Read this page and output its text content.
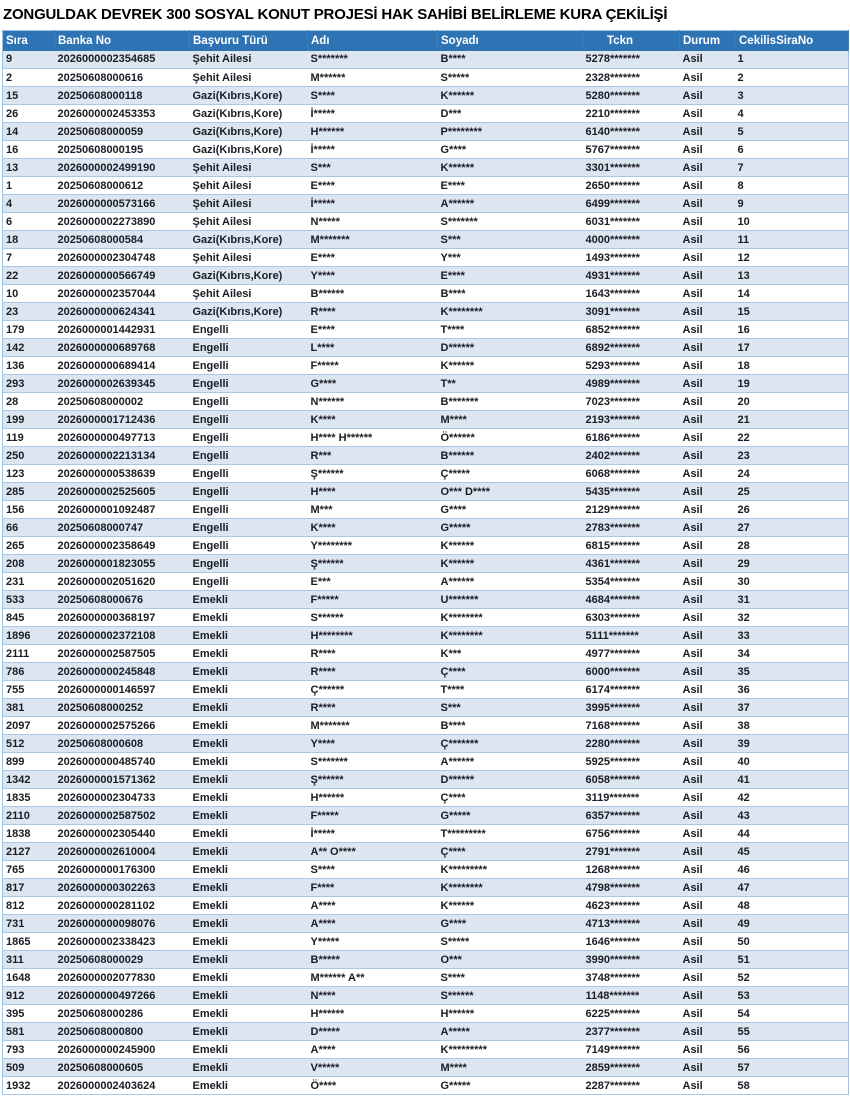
ZONGULDAK DEVREK 300 SOSYAL KONUT PROJESİ HAK SAHİBİ BELİRLEME KURA ÇEKİLİŞİ
Sıra	Banka No	Başvuru Türü	Adı	Soyadı	Tckn	Durum	CekilisSiraNo
9	2026000002354685	Şehit Ailesi	S*******	B****	5278*******	Asil	1
2	20250608000616	Şehit Ailesi	M******	S*****	2328*******	Asil	2
15	20250608000118	Gazi(Kıbrıs,Kore)	S****	K******	5280*******	Asil	3
26	2026000002453353	Gazi(Kıbrıs,Kore)	İ*****	D***	2210*******	Asil	4
14	20250608000059	Gazi(Kıbrıs,Kore)	H******	P********	6140*******	Asil	5
16	20250608000195	Gazi(Kıbrıs,Kore)	İ*****	G****	5767*******	Asil	6
13	2026000002499190	Şehit Ailesi	S***	K******	3301*******	Asil	7
1	20250608000612	Şehit Ailesi	E****	E****	2650*******	Asil	8
4	2026000000573166	Şehit Ailesi	İ*****	A******	6499*******	Asil	9
6	2026000002273890	Şehit Ailesi	N*****	S*******	6031*******	Asil	10
18	20250608000584	Gazi(Kıbrıs,Kore)	M*******	S***	4000*******	Asil	11
7	2026000002304748	Şehit Ailesi	E****	Y***	1493*******	Asil	12
22	2026000000566749	Gazi(Kıbrıs,Kore)	Y****	E****	4931*******	Asil	13
10	2026000002357044	Şehit Ailesi	B******	B****	1643*******	Asil	14
23	2026000000624341	Gazi(Kıbrıs,Kore)	R****	K********	3091*******	Asil	15
179	2026000001442931	Engelli	E****	T****	6852*******	Asil	16
142	2026000000689768	Engelli	L****	D******	6892*******	Asil	17
136	2026000000689414	Engelli	F*****	K******	5293*******	Asil	18
293	2026000002639345	Engelli	G****	T**	4989*******	Asil	19
28	20250608000002	Engelli	N******	B*******	7023*******	Asil	20
199	2026000001712436	Engelli	K****	M****	2193*******	Asil	21
119	2026000000497713	Engelli	H**** H******	Ö******	6186*******	Asil	22
250	2026000002213134	Engelli	R***	B******	2402*******	Asil	23
123	2026000000538639	Engelli	Ş******	Ç*****	6068*******	Asil	24
285	2026000002525605	Engelli	H****	O*** D****	5435*******	Asil	25
156	2026000001092487	Engelli	M***	G****	2129*******	Asil	26
66	20250608000747	Engelli	K****	G*****	2783*******	Asil	27
265	2026000002358649	Engelli	Y********	K******	6815*******	Asil	28
208	2026000001823055	Engelli	Ş******	K******	4361*******	Asil	29
231	2026000002051620	Engelli	E***	A******	5354*******	Asil	30
533	20250608000676	Emekli	F*****	U*******	4684*******	Asil	31
845	2026000000368197	Emekli	S******	K********	6303*******	Asil	32
1896	2026000002372108	Emekli	H********	K********	5111*******	Asil	33
2111	2026000002587505	Emekli	R****	K***	4977*******	Asil	34
786	2026000000245848	Emekli	R****	Ç****	6000*******	Asil	35
755	2026000000146597	Emekli	Ç******	T****	6174*******	Asil	36
381	20250608000252	Emekli	R****	S***	3995*******	Asil	37
2097	2026000002575266	Emekli	M*******	B****	7168*******	Asil	38
512	20250608000608	Emekli	Y****	Ç*******	2280*******	Asil	39
899	2026000000485740	Emekli	S*******	A******	5925*******	Asil	40
1342	2026000001571362	Emekli	Ş******	D******	6058*******	Asil	41
1835	2026000002304733	Emekli	H******	Ç****	3119*******	Asil	42
2110	2026000002587502	Emekli	F*****	G*****	6357*******	Asil	43
1838	2026000002305440	Emekli	İ*****	T*********	6756*******	Asil	44
2127	2026000002610004	Emekli	A** O****	Ç****	2791*******	Asil	45
765	2026000000176300	Emekli	S****	K*********	1268*******	Asil	46
817	2026000000302263	Emekli	F****	K********	4798*******	Asil	47
812	2026000000281102	Emekli	A****	K******	4623*******	Asil	48
731	2026000000098076	Emekli	A****	G****	4713*******	Asil	49
1865	2026000002338423	Emekli	Y*****	S*****	1646*******	Asil	50
311	20250608000029	Emekli	B*****	O***	3990*******	Asil	51
1648	2026000002077830	Emekli	M****** A**	S****	3748*******	Asil	52
912	2026000000497266	Emekli	N****	S******	1148*******	Asil	53
395	20250608000286	Emekli	H******	H******	6225*******	Asil	54
581	20250608000800	Emekli	D*****	A*****	2377*******	Asil	55
793	2026000000245900	Emekli	A****	K*********	7149*******	Asil	56
509	20250608000605	Emekli	V*****	M****	2859*******	Asil	57
1932	2026000002403624	Emekli	Ö****	G*****	2287*******	Asil	58
